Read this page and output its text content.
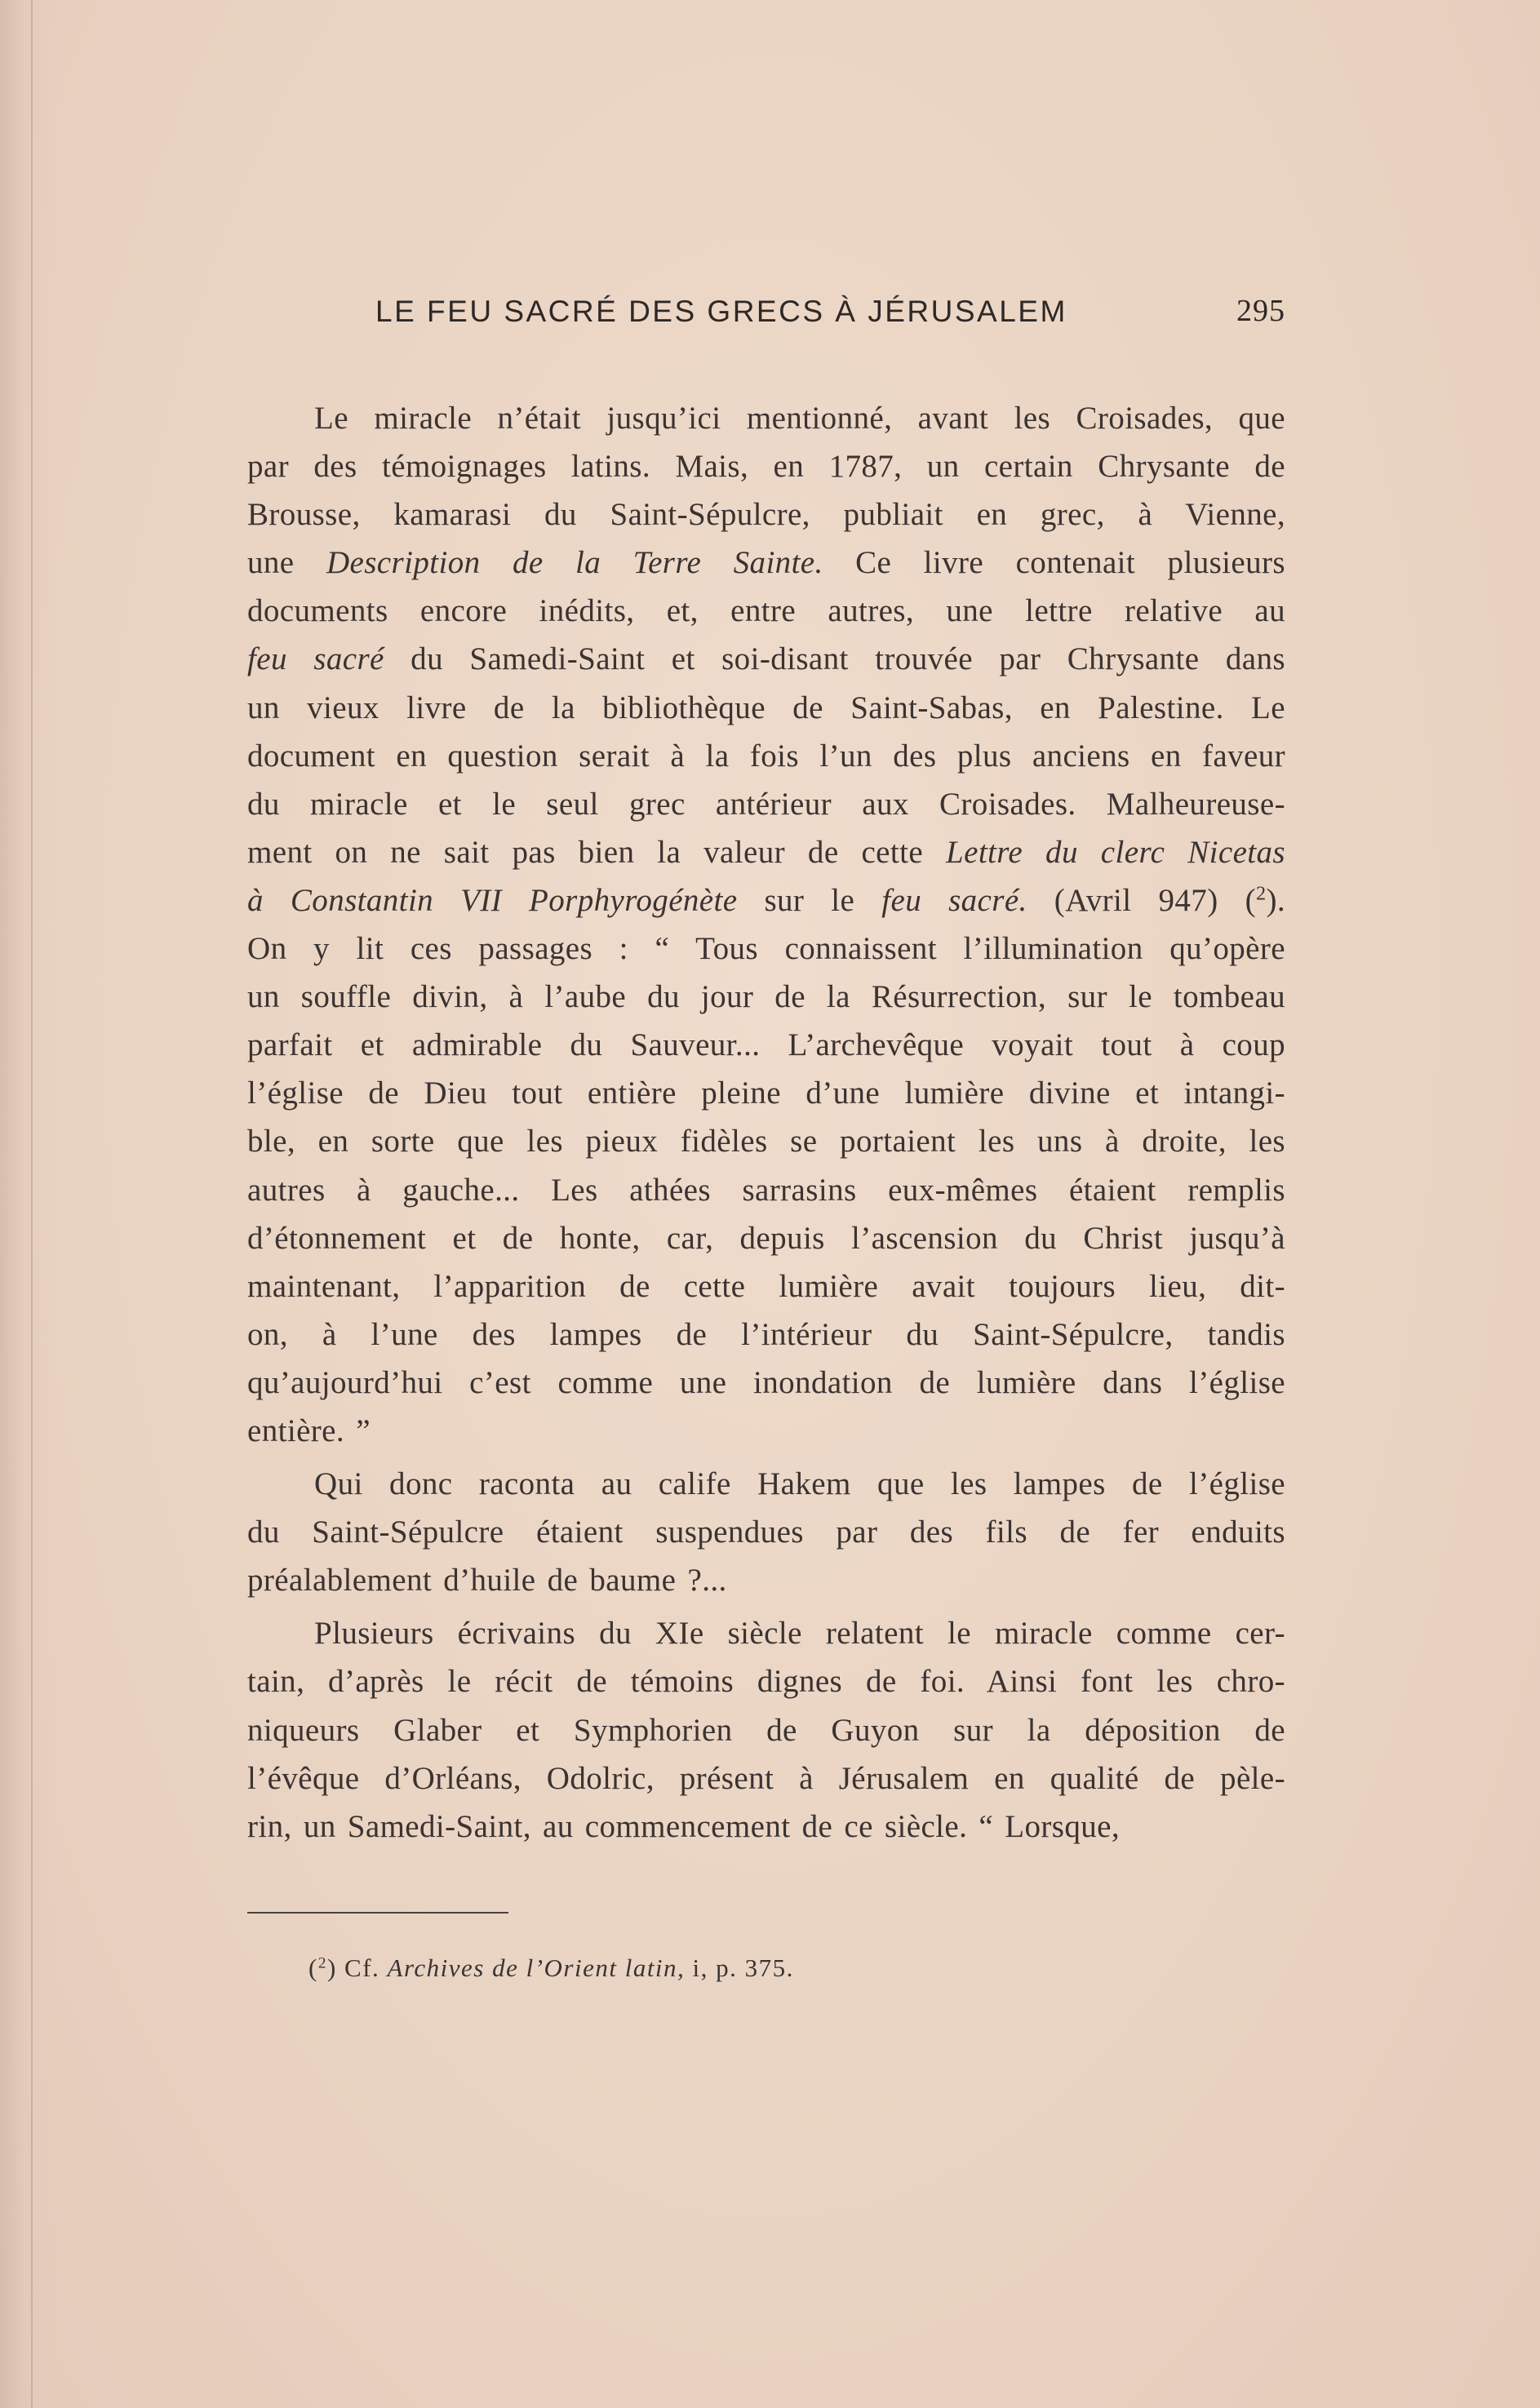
LE FEU SACRÉ DES GRECS À JÉRUSALEM	295
Le miracle n’était jusqu’ici mentionné, avant les Croisades, que
par des témoignages latins. Mais, en 1787, un certain Chrysante de
Brousse, kamarasi du Saint-Sépulcre, publiait en grec, à Vienne,
une Description de la Terre Sainte. Ce livre contenait plusieurs
documents encore inédits, et, entre autres, une lettre relative au
feu sacré du Samedi-Saint et soi-disant trouvée par Chrysante dans
un vieux livre de la bibliothèque de Saint-Sabas, en Palestine. Le
document en question serait à la fois l’un des plus anciens en faveur
du miracle et le seul grec antérieur aux Croisades. Malheureuse-
ment on ne sait pas bien la valeur de cette Lettre du clerc Nicetas
à Constantin VII Porphyrogénète sur le feu sacré. (Avril 947) ($^2$).
On y lit ces passages : “ Tous connaissent l’illumination qu’opère
un souffle divin, à l’aube du jour de la Résurrection, sur le tombeau
parfait et admirable du Sauveur... L’archevêque voyait tout à coup
l’église de Dieu tout entière pleine d’une lumière divine et intangi-
ble, en sorte que les pieux fidèles se portaient les uns à droite, les
autres à gauche... Les athées sarrasins eux-mêmes étaient remplis
d’étonnement et de honte, car, depuis l’ascension du Christ jusqu’à
maintenant, l’apparition de cette lumière avait toujours lieu, dit-
on, à l’une des lampes de l’intérieur du Saint-Sépulcre, tandis
qu’aujourd’hui c’est comme une inondation de lumière dans l’église
entière. ”
Qui donc raconta au calife Hakem que les lampes de l’église
du Saint-Sépulcre étaient suspendues par des fils de fer enduits
préalablement d’huile de baume ?...
Plusieurs écrivains du XIe siècle relatent le miracle comme cer-
tain, d’après le récit de témoins dignes de foi. Ainsi font les chro-
niqueurs Glaber et Symphorien de Guyon sur la déposition de
l’évêque d’Orléans, Odolric, présent à Jérusalem en qualité de pèle-
rin, un Samedi-Saint, au commencement de ce siècle. “ Lorsque,
($^2$) Cf. Archives de l’Orient latin, i, p. 375.
